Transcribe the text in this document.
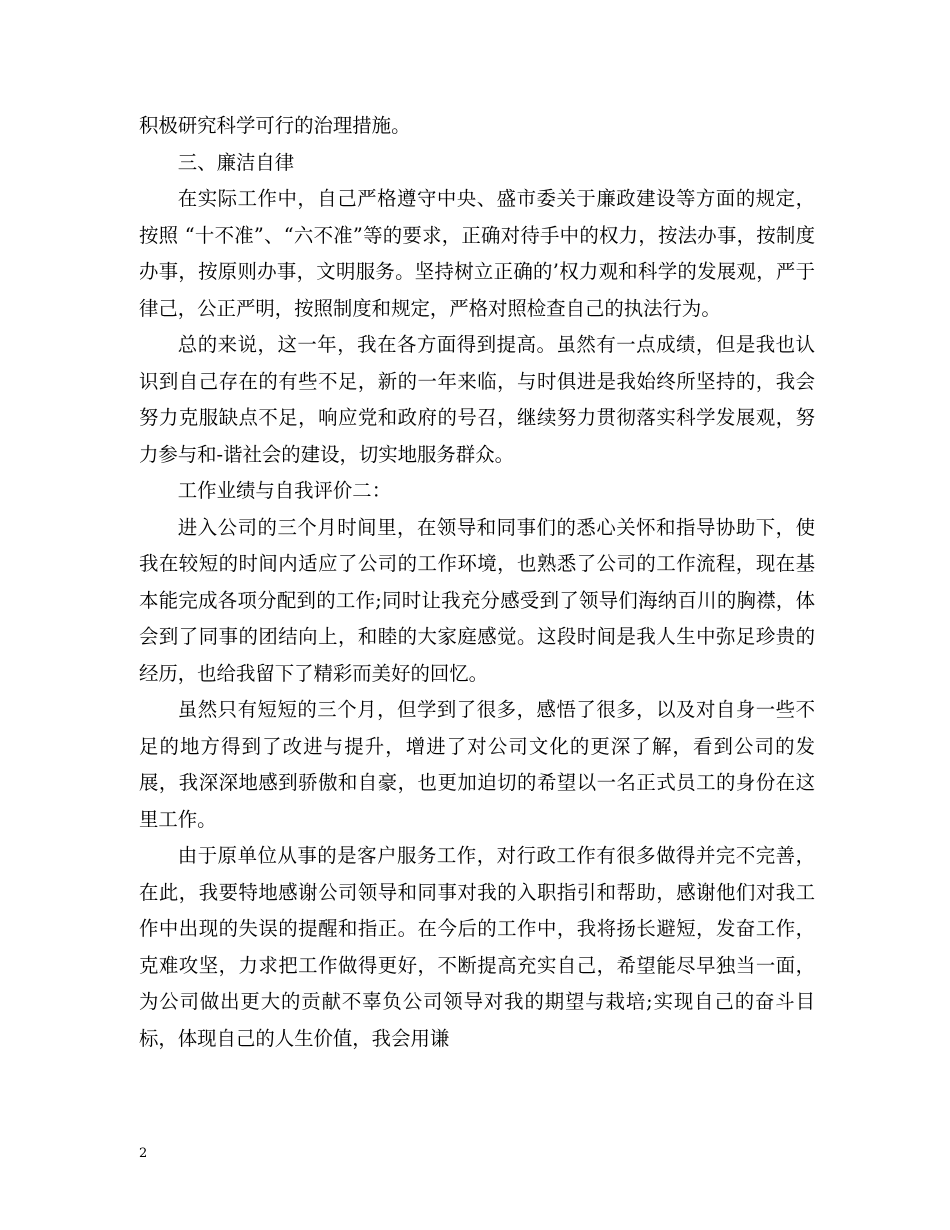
积极研究科学可行的治理措施。

三、廉洁自律

在实际工作中，自己严格遵守中央、盛市委关于廉政建设等方面的规定，按照 “十不准”、“六不准”等的要求，正确对待手中的权力，按法办事，按制度办事，按原则办事，文明服务。坚持树立正确的’权力观和科学的发展观，严于律己，公正严明，按照制度和规定，严格对照检查自己的执法行为。

总的来说，这一年，我在各方面得到提高。虽然有一点成绩，但是我也认识到自己存在的有些不足，新的一年来临，与时俱进是我始终所坚持的，我会努力克服缺点不足，响应党和政府的号召，继续努力贯彻落实科学发展观，努力参与和-谐社会的建设，切实地服务群众。

工作业绩与自我评价二：

进入公司的三个月时间里，在领导和同事们的悉心关怀和指导协助下，使我在较短的时间内适应了公司的工作环境，也熟悉了公司的工作流程，现在基本能完成各项分配到的工作;同时让我充分感受到了领导们海纳百川的胸襟，体会到了同事的团结向上，和睦的大家庭感觉。这段时间是我人生中弥足珍贵的经历，也给我留下了精彩而美好的回忆。

虽然只有短短的三个月，但学到了很多，感悟了很多，以及对自身一些不足的地方得到了改进与提升，增进了对公司文化的更深了解，看到公司的发展，我深深地感到骄傲和自豪，也更加迫切的希望以一名正式员工的身份在这里工作。

由于原单位从事的是客户服务工作，对行政工作有很多做得并完不完善，在此，我要特地感谢公司领导和同事对我的入职指引和帮助，感谢他们对我工作中出现的失误的提醒和指正。在今后的工作中，我将扬长避短，发奋工作，克难攻坚，力求把工作做得更好，不断提高充实自己，希望能尽早独当一面，为公司做出更大的贡献不辜负公司领导对我的期望与栽培;实现自己的奋斗目标，体现自己的人生价值，我会用谦

2
